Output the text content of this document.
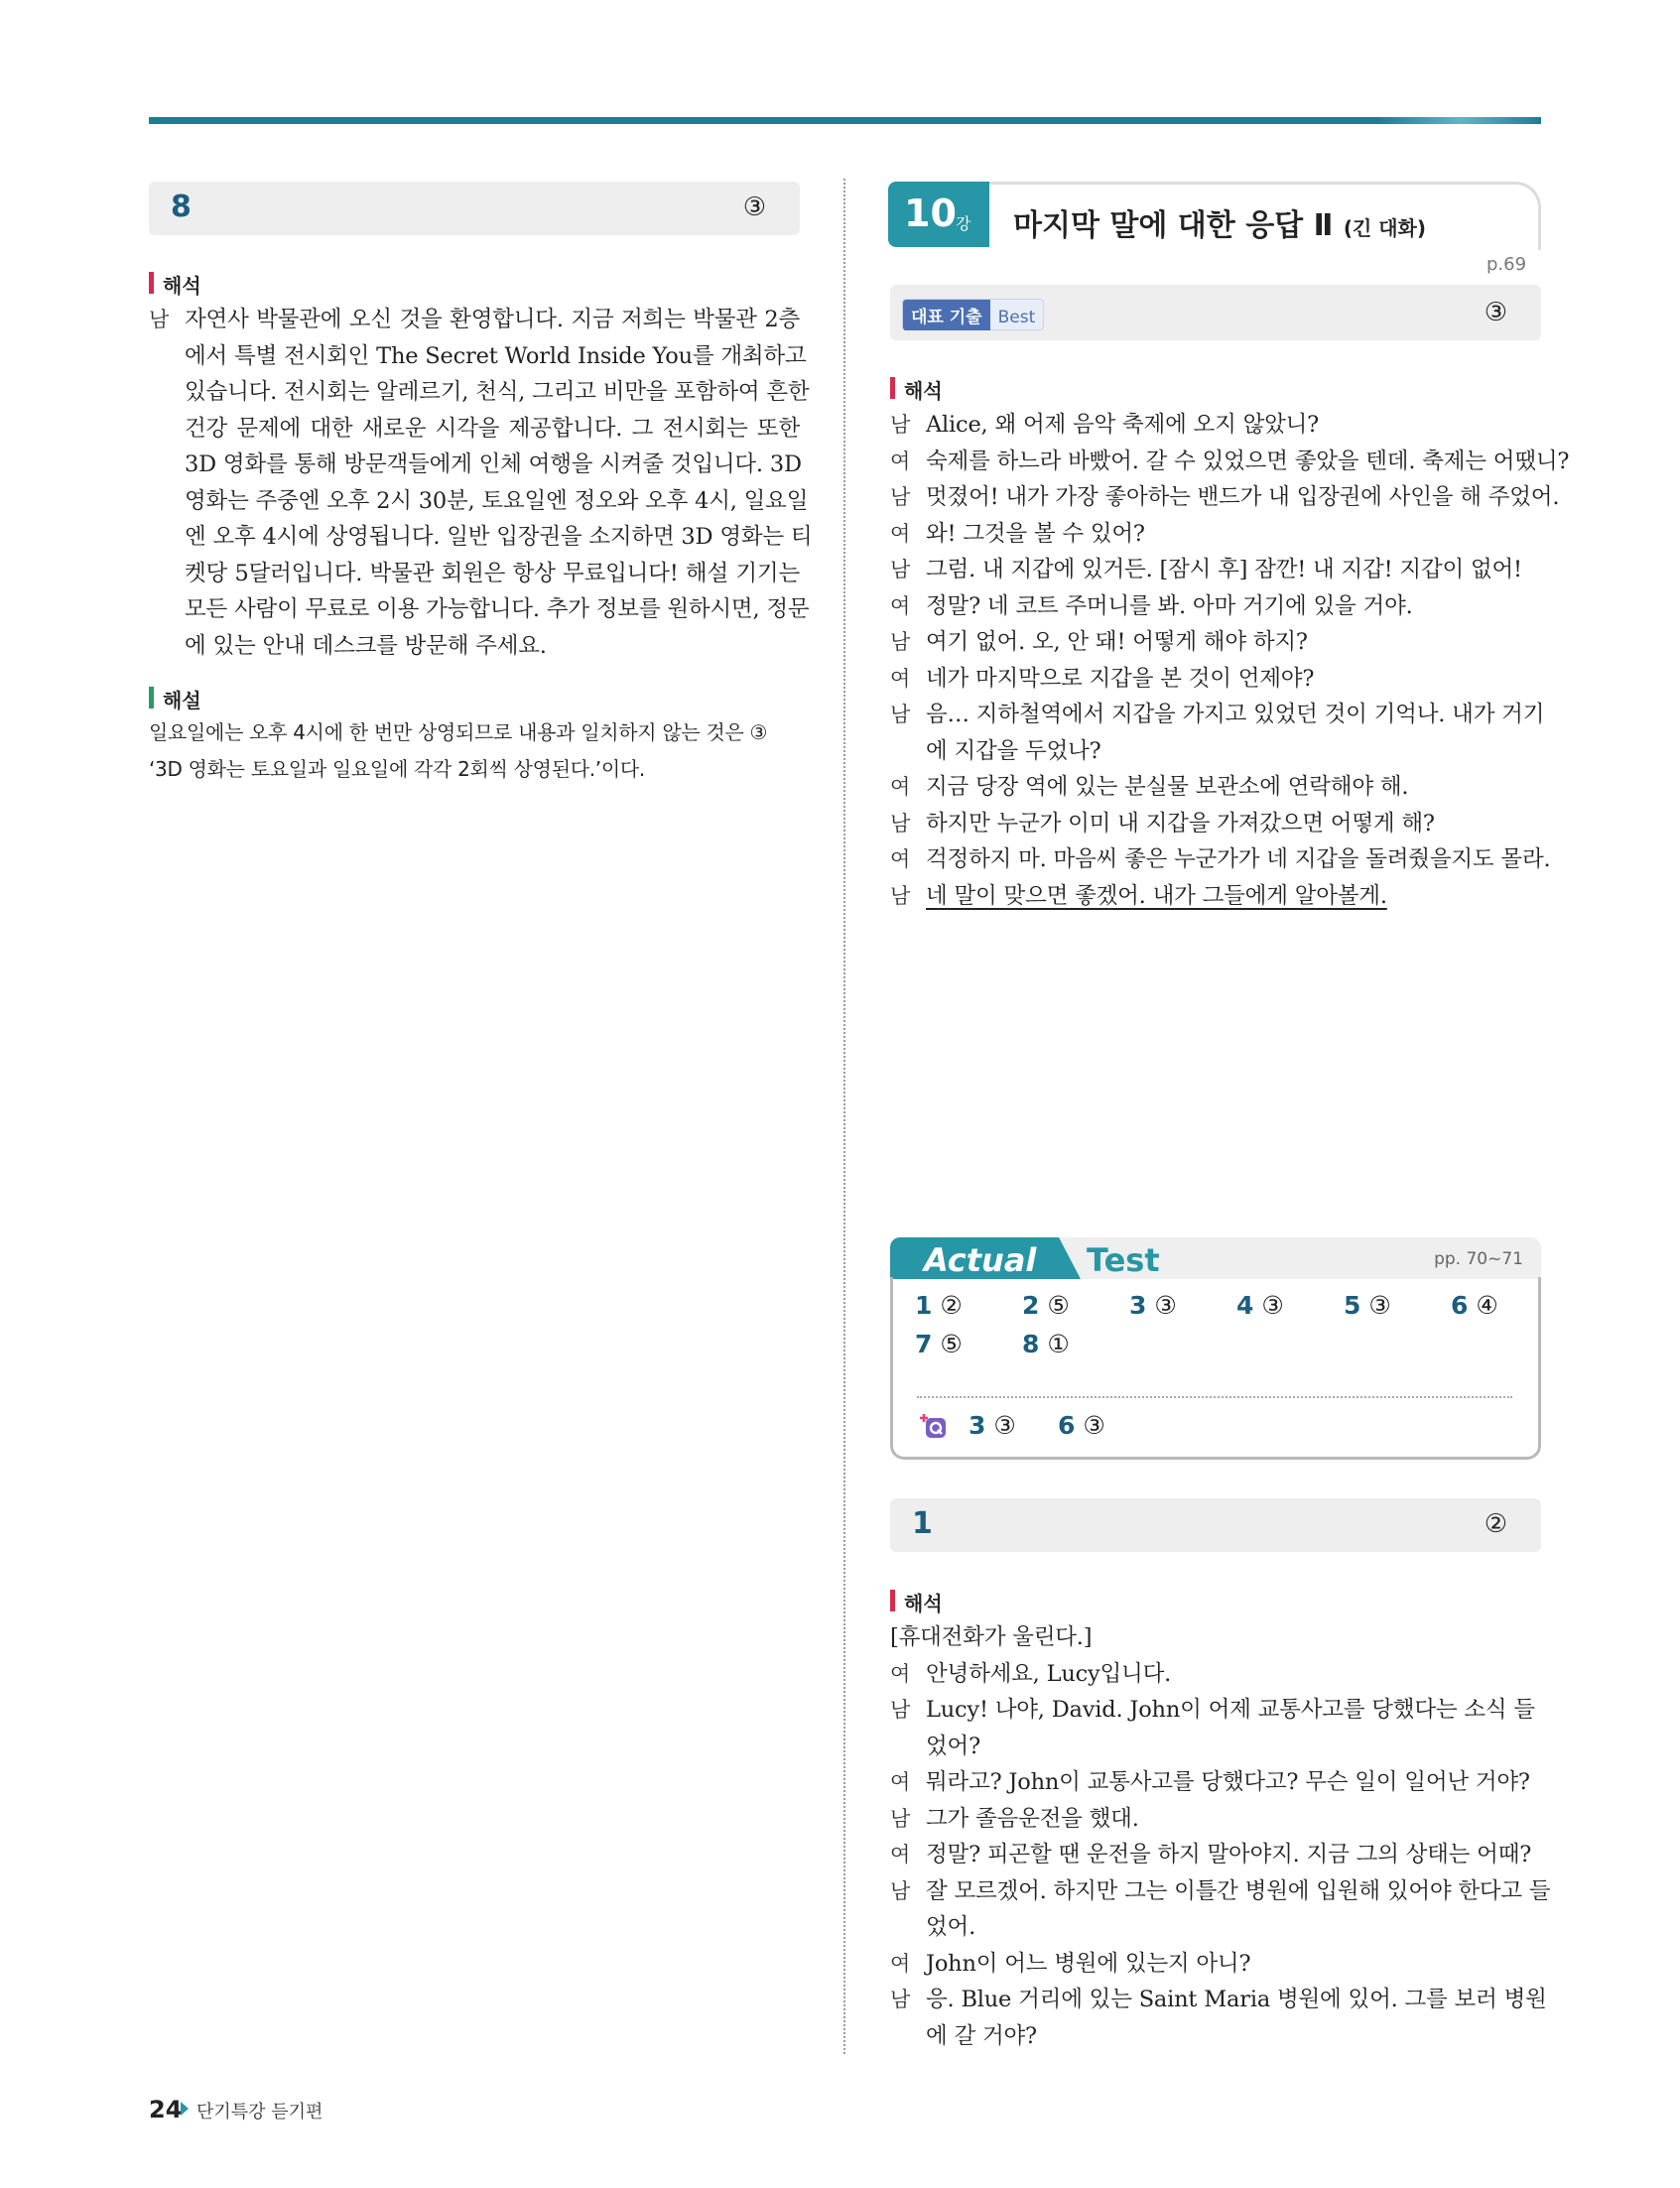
8	③
해석
남 자연사 박물관에 오신 것을 환영합니다. 지금 저희는 박물관 2층
에서 특별 전시회인 The Secret World Inside You를 개최하고
있습니다. 전시회는 알레르기, 천식, 그리고 비만을 포함하여 흔한
건강 문제에 대한 새로운 시각을 제공합니다. 그 전시회는 또한
3D 영화를 통해 방문객들에게 인체 여행을 시켜줄 것입니다. 3D
영화는 주중엔 오후 2시 30분, 토요일엔 정오와 오후 4시, 일요일
엔 오후 4시에 상영됩니다. 일반 입장권을 소지하면 3D 영화는 티
켓당 5달러입니다. 박물관 회원은 항상 무료입니다! 해설 기기는
모든 사람이 무료로 이용 가능합니다. 추가 정보를 원하시면, 정문
에 있는 안내 데스크를 방문해 주세요.
해설
일요일에는 오후 4시에 한 번만 상영되므로 내용과 일치하지 않는 것은 ③
‘3D 영화는 토요일과 일요일에 각각 2회씩 상영된다.’이다.
10 강 마지막 말에 대한 응답 Ⅱ (긴 대화)
p.69
대표 기출 Best	③
해석
남 Alice, 왜 어제 음악 축제에 오지 않았니?
여 숙제를 하느라 바빴어. 갈 수 있었으면 좋았을 텐데. 축제는 어땠니?
남 멋졌어! 내가 가장 좋아하는 밴드가 내 입장권에 사인을 해 주었어.
여 와! 그것을 볼 수 있어?
남 그럼. 내 지갑에 있거든. [잠시 후] 잠깐! 내 지갑! 지갑이 없어!
여 정말? 네 코트 주머니를 봐. 아마 거기에 있을 거야.
남 여기 없어. 오, 안 돼! 어떻게 해야 하지?
여 네가 마지막으로 지갑을 본 것이 언제야?
남 음… 지하철역에서 지갑을 가지고 있었던 것이 기억나. 내가 거기
에 지갑을 두었나?
여 지금 당장 역에 있는 분실물 보관소에 연락해야 해.
남 하지만 누군가 이미 내 지갑을 가져갔으면 어떻게 해?
여 걱정하지 마. 마음씨 좋은 누군가가 네 지갑을 돌려줬을지도 몰라.
남 네 말이 맞으면 좋겠어. 내가 그들에게 알아볼게.
Actual Test	pp. 70~71
1 ② 2 ⑤ 3 ③ 4 ③ 5 ③ 6 ④
7 ⑤ 8 ①
3 ③ 6 ③
1	②
해석
[휴대전화가 울린다.]
여 안녕하세요, Lucy입니다.
남 Lucy! 나야, David. John이 어제 교통사고를 당했다는 소식 들
었어?
여 뭐라고? John이 교통사고를 당했다고? 무슨 일이 일어난 거야?
남 그가 졸음운전을 했대.
여 정말? 피곤할 땐 운전을 하지 말아야지. 지금 그의 상태는 어때?
남 잘 모르겠어. 하지만 그는 이틀간 병원에 입원해 있어야 한다고 들
었어.
여 John이 어느 병원에 있는지 아니?
남 응. Blue 거리에 있는 Saint Maria 병원에 있어. 그를 보러 병원
에 갈 거야?
24 단기특강 듣기편
